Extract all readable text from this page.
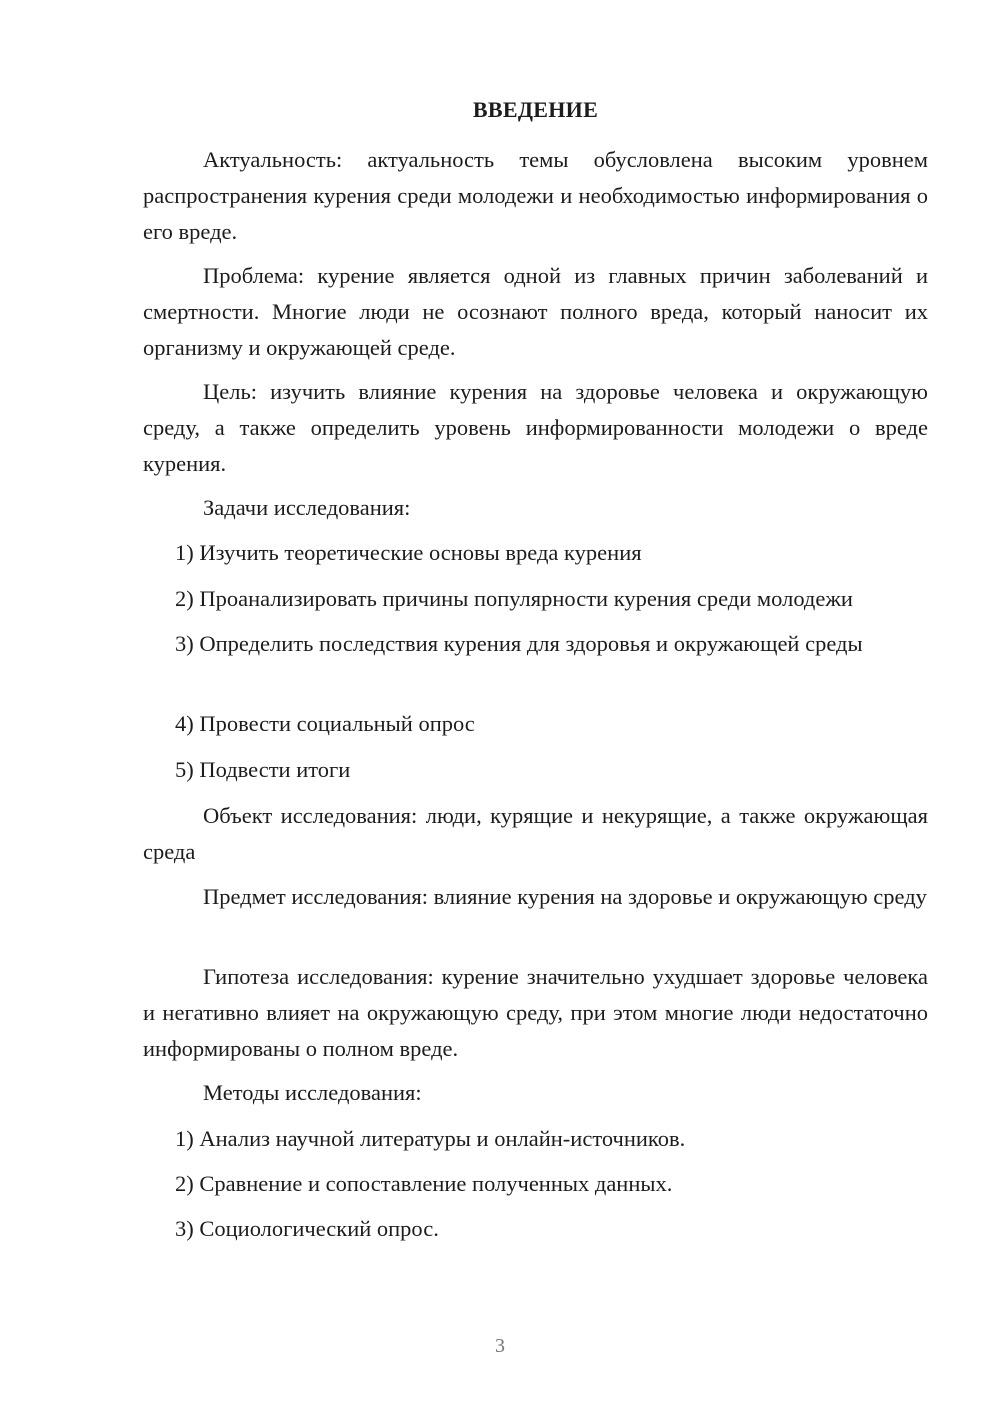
ВВЕДЕНИЕ

Актуальность: актуальность темы обусловлена высоким уровнем распространения курения среди молодежи и необходимостью информирования о его вреде.

Проблема: курение является одной из главных причин заболеваний и смертности. Многие люди не осознают полного вреда, который наносит их организму и окружающей среде.

Цель: изучить влияние курения на здоровье человека и окружающую среду, а также определить уровень информированности молодежи о вреде курения.

Задачи исследования:

1) Изучить теоретические основы вреда курения

2) Проанализировать причины популярности курения среди молодежи

3) Определить последствия курения для здоровья и окружающей среды

4) Провести социальный опрос

5) Подвести итоги

Объект исследования: люди, курящие и некурящие, а также окружающая среда

Предмет исследования: влияние курения на здоровье и окружающую среду

Гипотеза исследования: курение значительно ухудшает здоровье человека и негативно влияет на окружающую среду, при этом многие люди недостаточно информированы о полном вреде.

Методы исследования:

1) Анализ научной литературы и онлайн-источников.

2) Сравнение и сопоставление полученных данных.

3) Социологический опрос.

3
